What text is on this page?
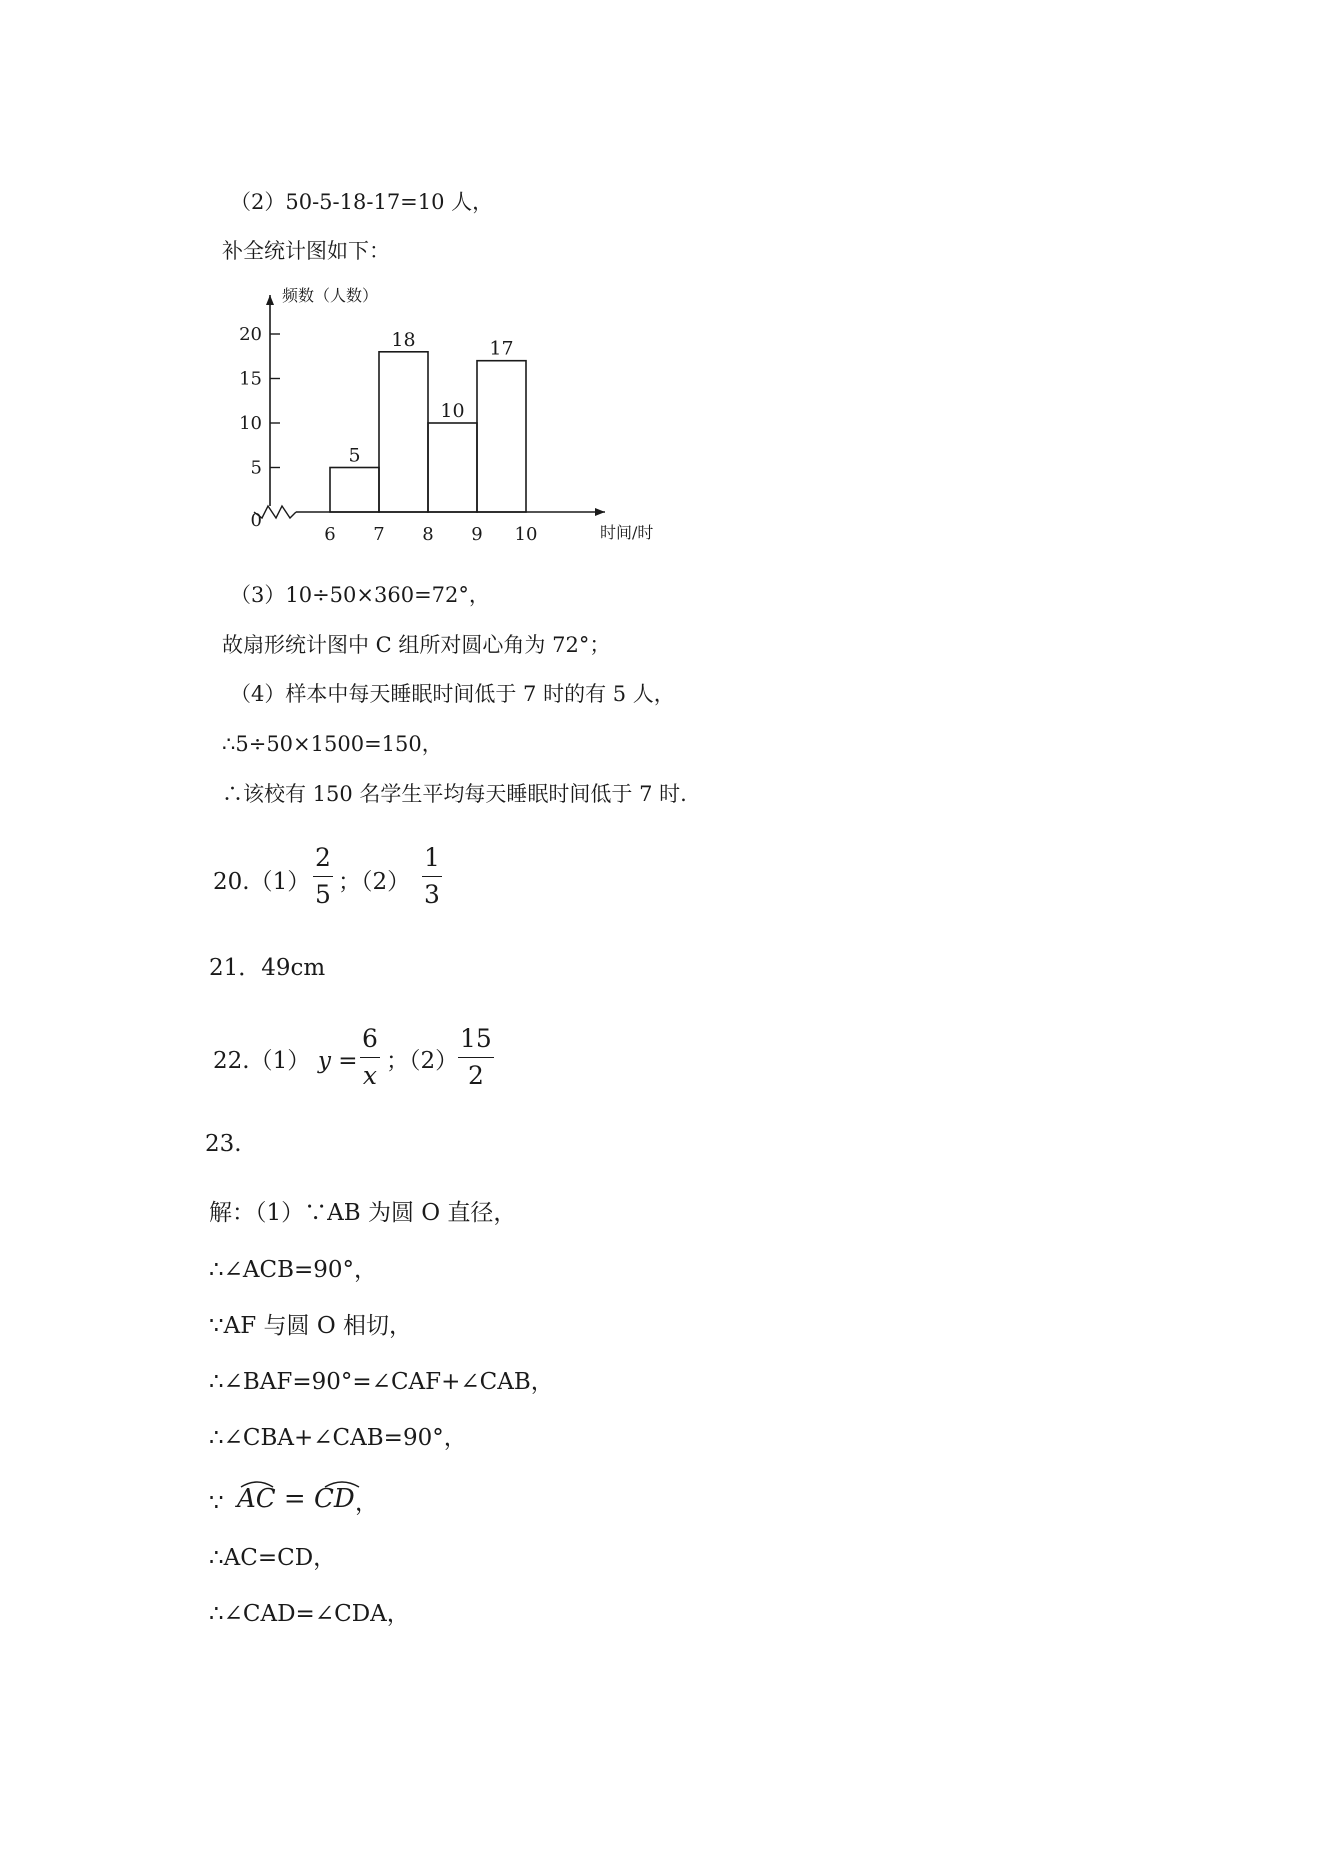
（2）50-5-18-17=10 人，
补全统计图如下：
频数（人数）
时间/时
0
5
10
15
20
6 7 8 9 10
5
18
10
17
（3）10÷50×360=72°，
故扇形统计图中 C 组所对圆心角为 72°；
（4）样本中每天睡眠时间低于 7 时的有 5 人，
∴5÷50×1500=150，
∴该校有 150 名学生平均每天睡眠时间低于 7 时.
$20.(1) \frac{2}{5}$ ；$(2) \frac{1}{3}$
21．49cm
22.（1） $y = \frac{6}{x}$ ；$(2) \frac{15}{2}$
23.
解：（1）∵AB 为圆 O 直径，
∴∠ACB=90°，
∵AF 与圆 O 相切，
∴∠BAF=90°=∠CAF+∠CAB，
∴∠CBA+∠CAB=90°，
∵ AC = CD ，
∴AC=CD，
∴∠CAD=∠CDA，
